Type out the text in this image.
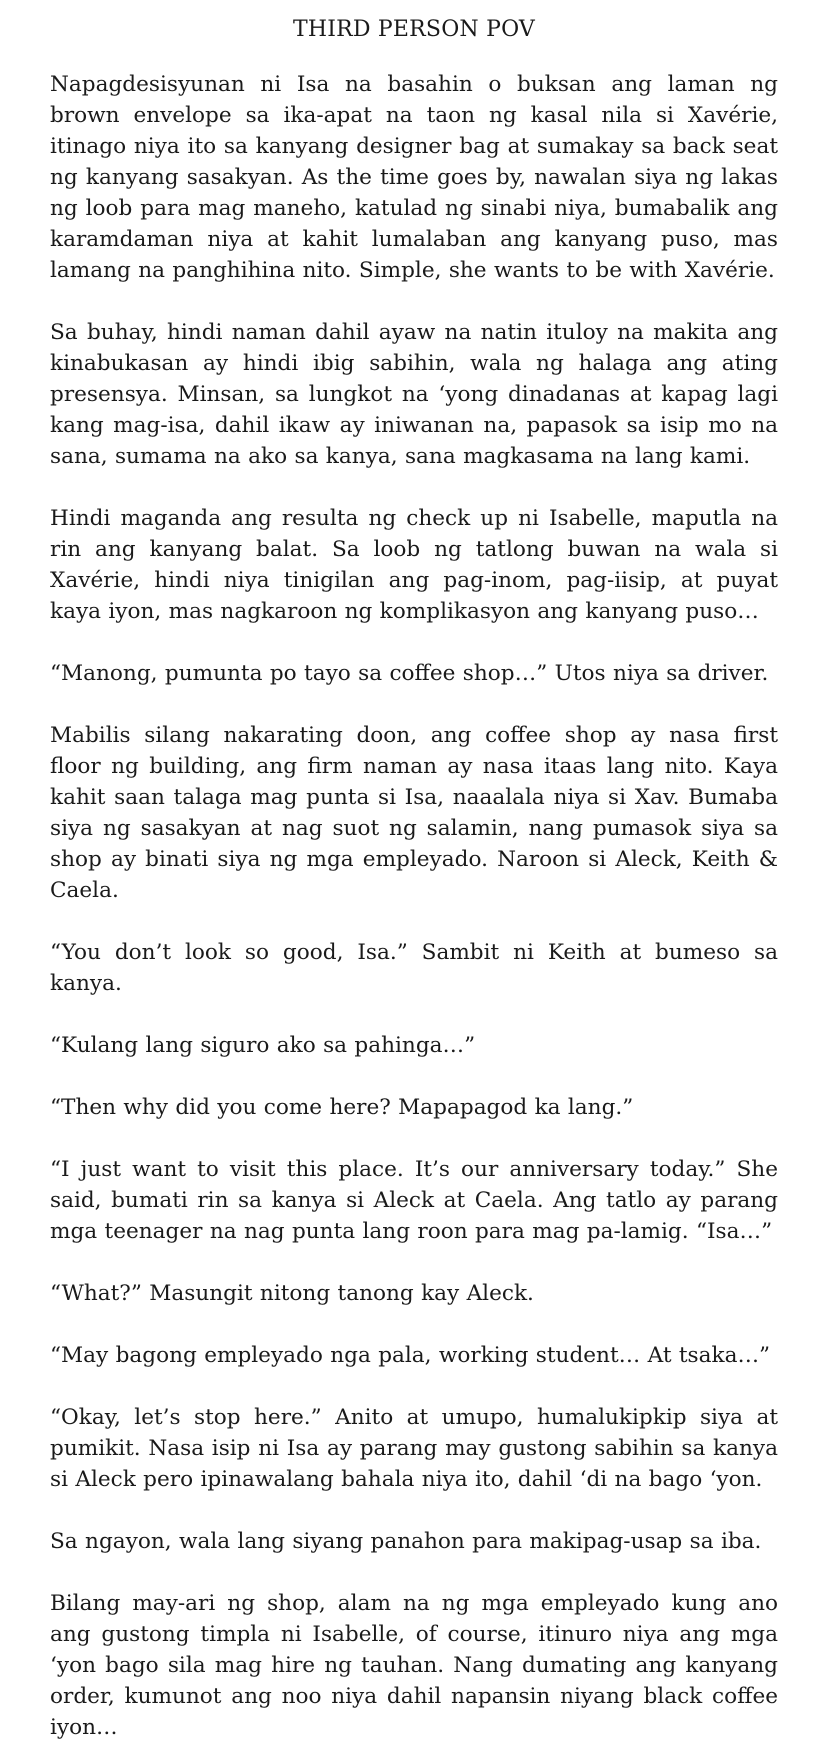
THIRD PERSON POV

Napagdesisyunan ni Isa na basahin o buksan ang laman ng brown envelope sa ika-apat na taon ng kasal nila si Xavérie, itinago niya ito sa kanyang designer bag at sumakay sa back seat ng kanyang sasakyan. As the time goes by, nawalan siya ng lakas ng loob para mag maneho, katulad ng sinabi niya, bumabalik ang karamdaman niya at kahit lumalaban ang kanyang puso, mas lamang na panghihina nito. Simple, she wants to be with Xavérie.

Sa buhay, hindi naman dahil ayaw na natin ituloy na makita ang kinabukasan ay hindi ibig sabihin, wala ng halaga ang ating presensya. Minsan, sa lungkot na ‘yong dinadanas at kapag lagi kang mag-isa, dahil ikaw ay iniwanan na, papasok sa isip mo na sana, sumama na ako sa kanya, sana magkasama na lang kami.

Hindi maganda ang resulta ng check up ni Isabelle, maputla na rin ang kanyang balat. Sa loob ng tatlong buwan na wala si Xavérie, hindi niya tinigilan ang pag-inom, pag-iisip, at puyat kaya iyon, mas nagkaroon ng komplikasyon ang kanyang puso…

“Manong, pumunta po tayo sa coffee shop…” Utos niya sa driver.

Mabilis silang nakarating doon, ang coffee shop ay nasa first floor ng building, ang firm naman ay nasa itaas lang nito. Kaya kahit saan talaga mag punta si Isa, naaalala niya si Xav. Bumaba siya ng sasakyan at nag suot ng salamin, nang pumasok siya sa shop ay binati siya ng mga empleyado. Naroon si Aleck, Keith & Caela.

“You don’t look so good, Isa.” Sambit ni Keith at bumeso sa kanya.

“Kulang lang siguro ako sa pahinga…”

“Then why did you come here? Mapapagod ka lang.”

“I just want to visit this place. It’s our anniversary today.” She said, bumati rin sa kanya si Aleck at Caela. Ang tatlo ay parang mga teenager na nag punta lang roon para mag pa-lamig. “Isa…”

“What?” Masungit nitong tanong kay Aleck.

“May bagong empleyado nga pala, working student… At tsaka…”

“Okay, let’s stop here.” Anito at umupo, humalukipkip siya at pumikit. Nasa isip ni Isa ay parang may gustong sabihin sa kanya si Aleck pero ipinawalang bahala niya ito, dahil ‘di na bago ‘yon.

Sa ngayon, wala lang siyang panahon para makipag-usap sa iba.

Bilang may-ari ng shop, alam na ng mga empleyado kung ano ang gustong timpla ni Isabelle, of course, itinuro niya ang mga ‘yon bago sila mag hire ng tauhan. Nang dumating ang kanyang order, kumunot ang noo niya dahil napansin niyang black coffee iyon…
